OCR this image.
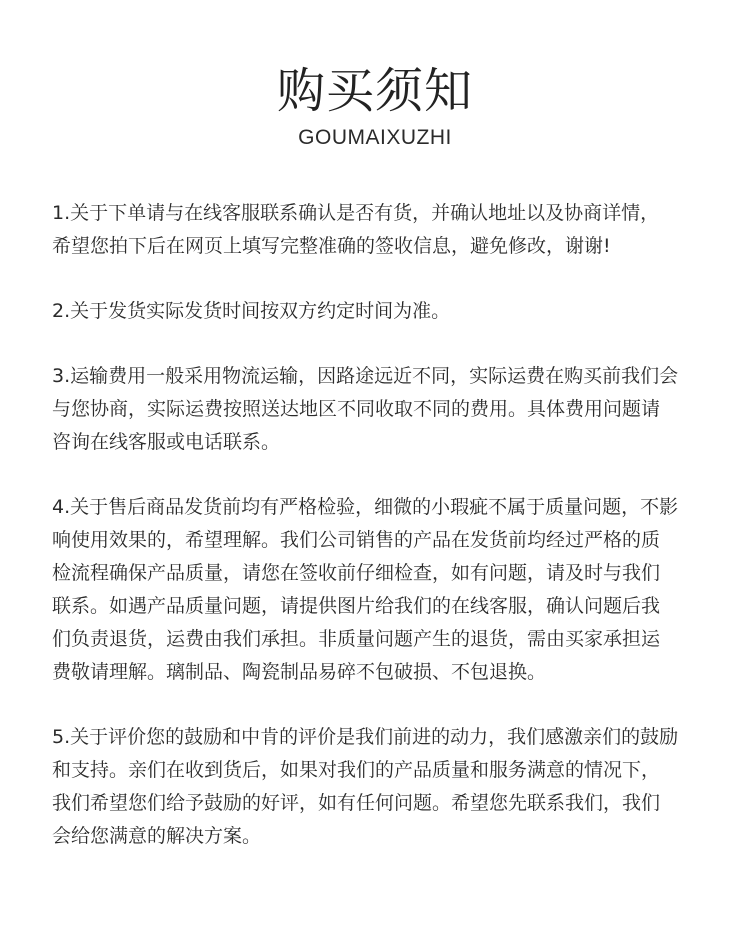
购买须知
GOUMAIXUZHI

1.关于下单请与在线客服联系确认是否有货，并确认地址以及协商详情，
希望您拍下后在网页上填写完整准确的签收信息，避免修改，谢谢!

2.关于发货实际发货时间按双方约定时间为准。

3.运输费用一般采用物流运输，因路途远近不同，实际运费在购买前我们会
与您协商，实际运费按照送达地区不同收取不同的费用。具体费用问题请
咨询在线客服或电话联系。

4.关于售后商品发货前均有严格检验，细微的小瑕疵不属于质量问题，不影
响使用效果的，希望理解。我们公司销售的产品在发货前均经过严格的质
检流程确保产品质量，请您在签收前仔细检查，如有问题，请及时与我们
联系。如遇产品质量问题，请提供图片给我们的在线客服，确认问题后我
们负责退货，运费由我们承担。非质量问题产生的退货，需由买家承担运
费敬请理解。璃制品、陶瓷制品易碎不包破损、不包退换。

5.关于评价您的鼓励和中肯的评价是我们前进的动力，我们感激亲们的鼓励
和支持。亲们在收到货后，如果对我们的产品质量和服务满意的情况下，
我们希望您们给予鼓励的好评，如有任何问题。希望您先联系我们，我们
会给您满意的解决方案。
